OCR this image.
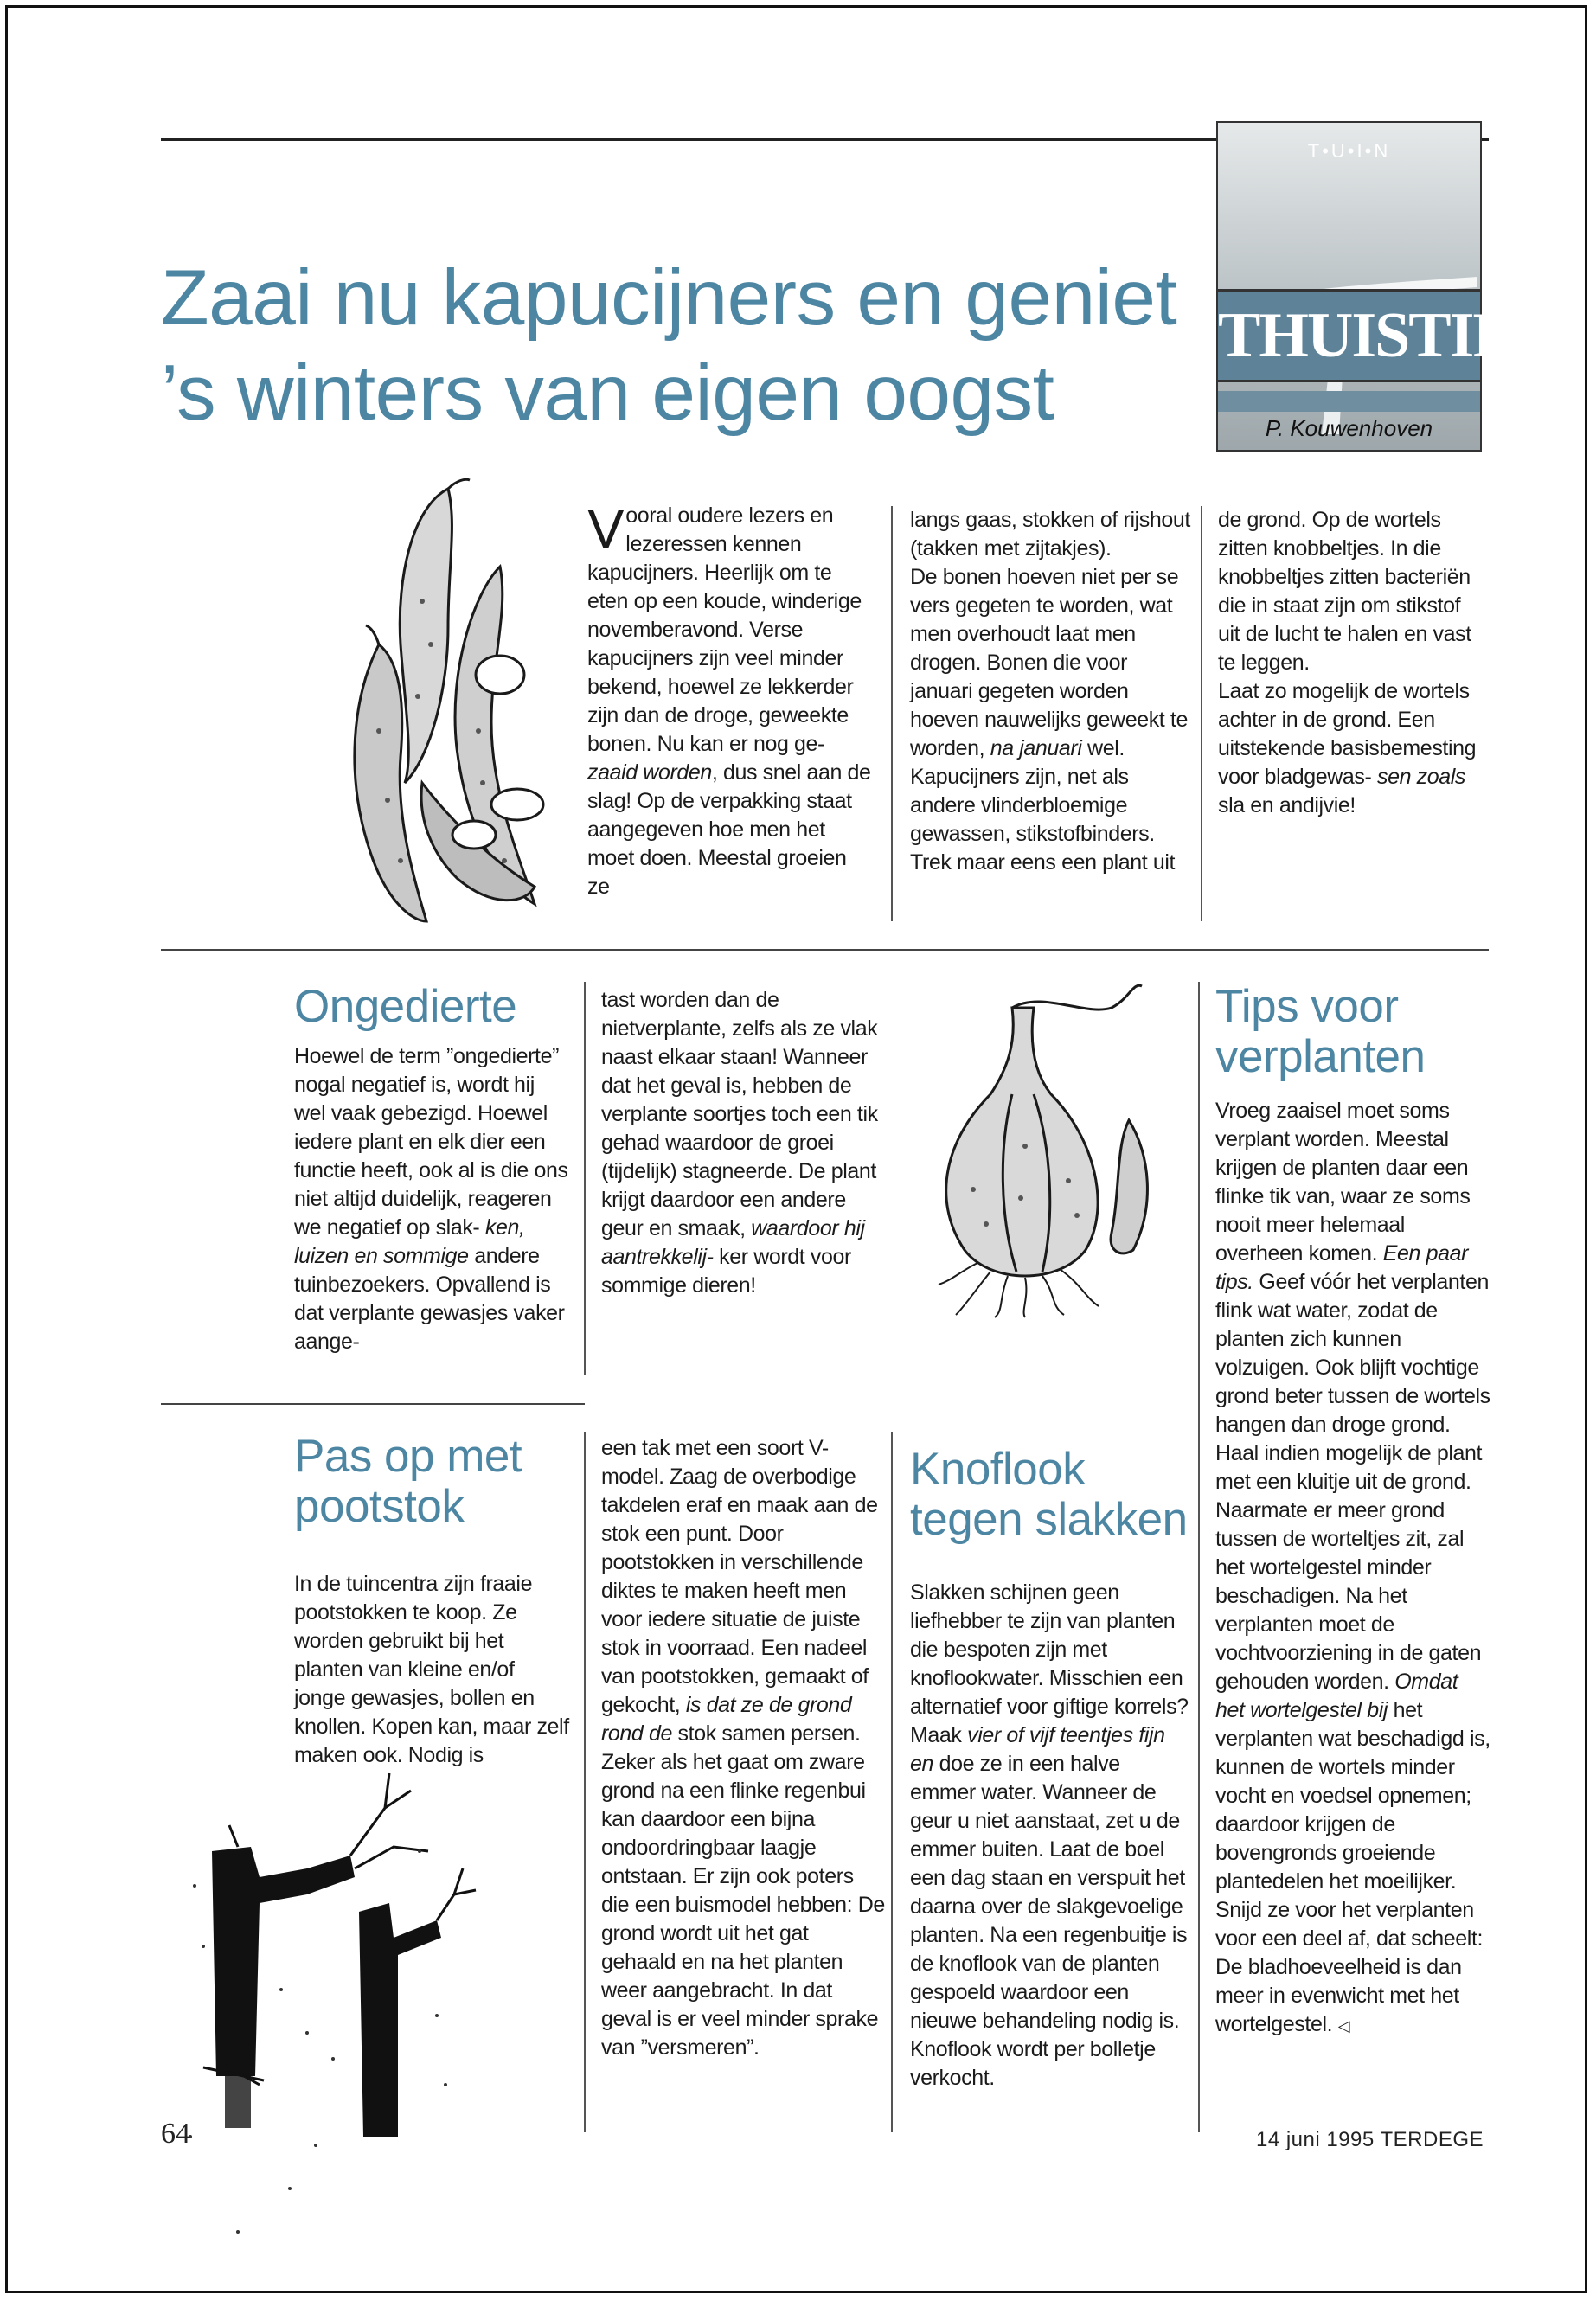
Zaai nu kapucijners en geniet
’s winters van eigen oogst
T•U•I•N
THUISTIPS
P. Kouwenhoven

Vooral oudere lezers en lezeressen kennen kapucijners. Heerlijk om te eten op een koude, winderige novemberavond. Verse kapucijners zijn veel minder bekend, hoewel ze lekkerder zijn dan de droge, geweekte bonen. Nu kan er nog ge-zaaid worden, dus snel aan de slag! Op de verpakking staat aangegeven hoe men het moet doen. Meestal groeien ze

langs gaas, stokken of rijshout (takken met zijtakjes).

De bonen hoeven niet per se vers gegeten te worden, wat men overhoudt laat men drogen. Bonen die voor januari gegeten worden hoeven nauwelijks geweekt te worden, na januari wel. Kapucijners zijn, net als andere vlinderbloemige gewassen, stikstofbinders. Trek maar eens een plant uit

de grond. Op de wortels zitten knobbeltjes. In die knobbeltjes zitten bacteriën die in staat zijn om stikstof uit de lucht te halen en vast te leggen.

Laat zo mogelijk de wortels achter in de grond. Een uitstekende basisbemesting voor bladgewas- sen zoals sla en andijvie!

Ongedierte

Hoewel de term ”ongedierte” nogal negatief is, wordt hij wel vaak gebezigd. Hoewel iedere plant en elk dier een functie heeft, ook al is die ons niet altijd duidelijk, reageren we negatief op slak- ken, luizen en sommige andere tuinbezoekers. Opvallend is dat verplante gewasjes vaker aange-

tast worden dan de nietverplante, zelfs als ze vlak naast elkaar staan! Wanneer dat het geval is, hebben de verplante soortjes toch een tik gehad waardoor de groei (tijdelijk) stagneerde. De plant krijgt daardoor een andere geur en smaak, waardoor hij aantrekkelij- ker wordt voor sommige dieren!

Tips voor
verplanten

Vroeg zaaisel moet soms verplant worden. Meestal krijgen de planten daar een flinke tik van, waar ze soms nooit meer helemaal overheen komen. Een paar tips. Geef vóór het verplanten flink wat water, zodat de planten zich kunnen volzuigen. Ook blijft vochtige grond beter tussen de wortels hangen dan droge grond. Haal indien mogelijk de plant met een kluitje uit de grond. Naarmate er meer grond tussen de worteltjes zit, zal het wortelgestel minder beschadigen. Na het verplanten moet de vochtvoorziening in de gaten gehouden worden. Omdat het wortelgestel bij het verplanten wat beschadigd is, kunnen de wortels minder vocht en voedsel opnemen; daardoor krijgen de bovengronds groeiende plantedelen het moeilijker. Snijd ze voor het verplanten voor een deel af, dat scheelt: De bladhoeveelheid is dan meer in evenwicht met het wortelgestel. ◁

Pas op met
pootstok

In de tuincentra zijn fraaie pootstokken te koop. Ze worden gebruikt bij het planten van kleine en/of jonge gewasjes, bollen en knollen. Kopen kan, maar zelf maken ook. Nodig is

een tak met een soort V-model. Zaag de overbodige takdelen eraf en maak aan de stok een punt. Door pootstokken in verschillende diktes te maken heeft men voor iedere situatie de juiste stok in voorraad. Een nadeel van pootstokken, gemaakt of gekocht, is dat ze de grond rond de stok samen persen. Zeker als het gaat om zware grond na een flinke regenbui kan daardoor een bijna ondoordringbaar laagje ontstaan. Er zijn ook poters die een buismodel hebben: De grond wordt uit het gat gehaald en na het planten weer aangebracht. In dat geval is er veel minder sprake van ”versmeren”.

Knoflook
tegen slakken

Slakken schijnen geen liefhebber te zijn van planten die bespoten zijn met knoflookwater. Misschien een alternatief voor giftige korrels? Maak vier of vijf teentjes fijn en doe ze in een halve emmer water. Wanneer de geur u niet aanstaat, zet u de emmer buiten. Laat de boel een dag staan en verspuit het daarna over de slakgevoelige planten. Na een regenbuitje is de knoflook van de planten gespoeld waardoor een nieuwe behandeling nodig is. Knoflook wordt per bolletje verkocht.

64	14 juni 1995 TERDEGE
